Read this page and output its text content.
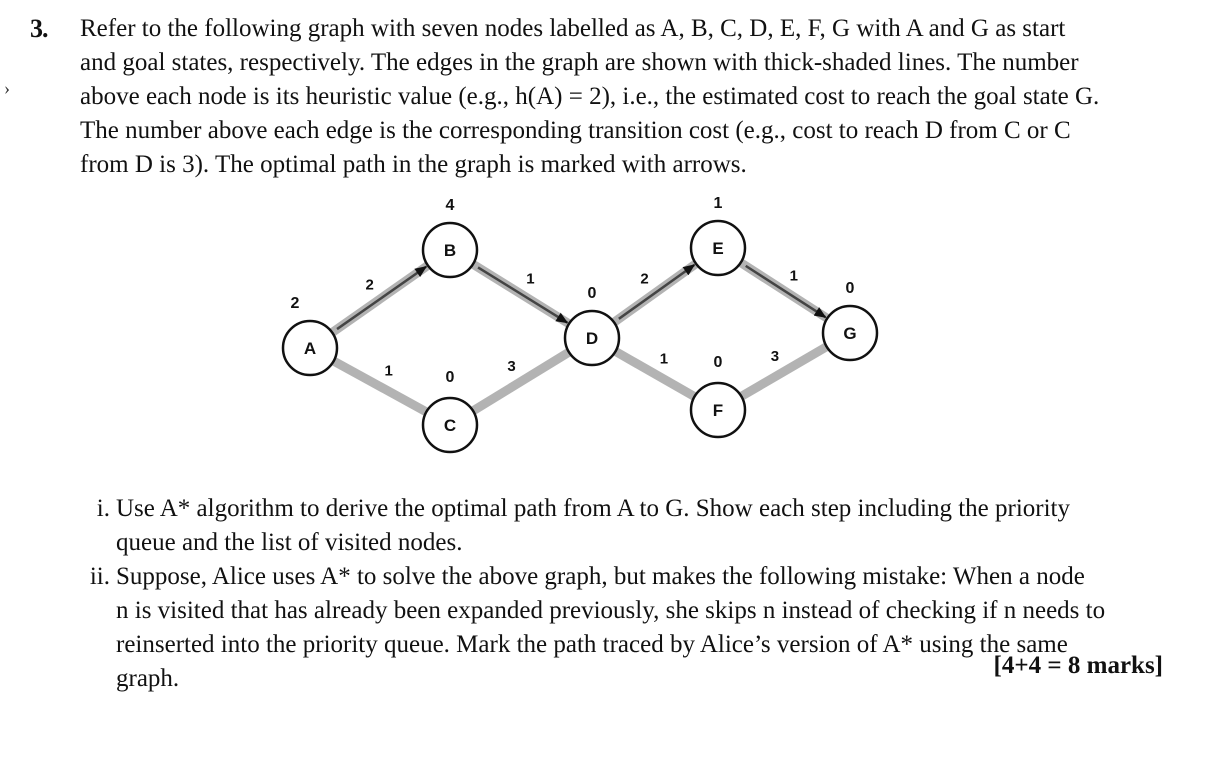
3.
›
Refer to the following graph with seven nodes labelled as A, B, C, D, E, F, G with A and G as start
and goal states, respectively. The edges in the graph are shown with thick-shaded lines. The number
above each node is its heuristic value (e.g., h(A) = 2), i.e., the estimated cost to reach the goal state G.
The number above each edge is the corresponding transition cost (e.g., cost to reach D from C or C
from D is 3). The optimal path in the graph is marked with arrows.
2
1
1
3
2
1
1
3
A
2
B
4
C
0
D
0
E
1
F
0
G
0
i. Use A* algorithm to derive the optimal path from A to G. Show each step including the priority
queue and the list of visited nodes.
ii. Suppose, Alice uses A* to solve the above graph, but makes the following mistake: When a node
n is visited that has already been expanded previously, she skips n instead of checking if n needs to
reinserted into the priority queue. Mark the path traced by Alice’s version of A* using the same
graph.	[4+4 = 8 marks]
